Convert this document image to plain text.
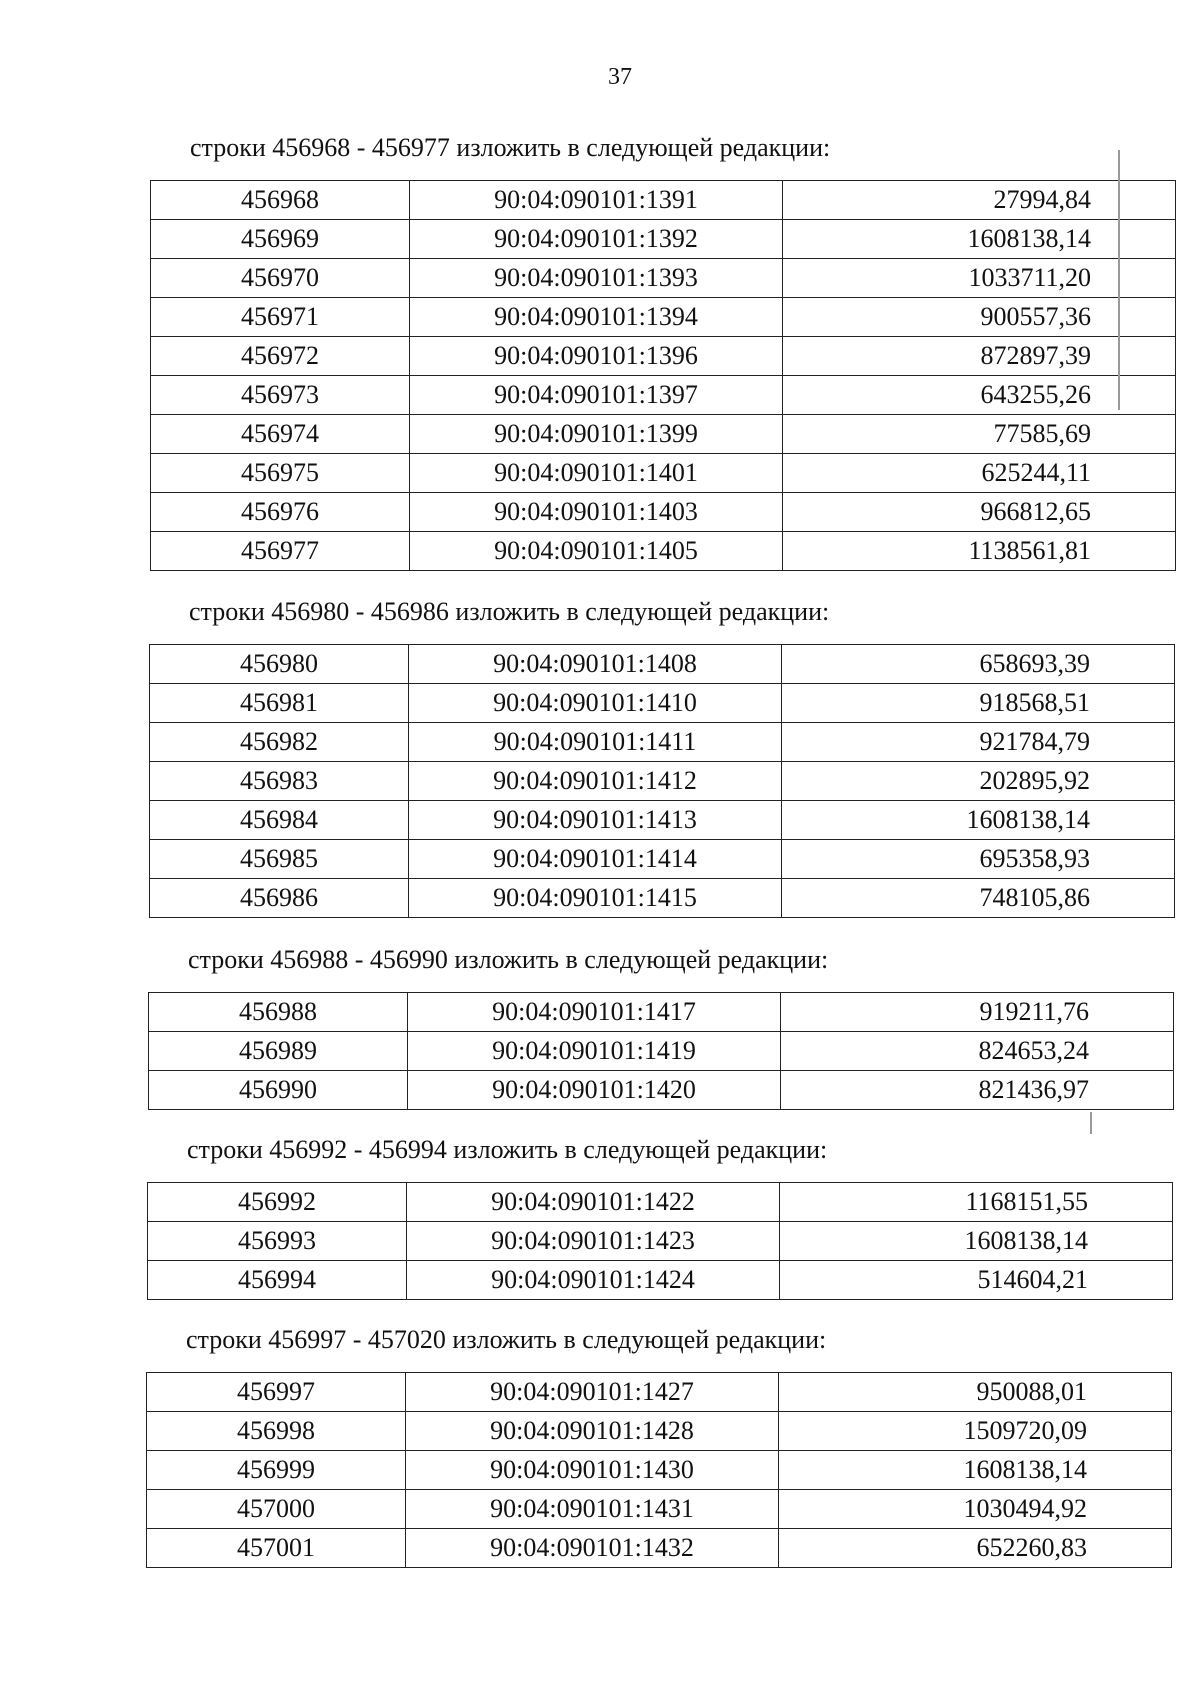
37
строки 456968 - 456977 изложить в следующей редакции:
456968	90:04:090101:1391	27994,84
456969	90:04:090101:1392	1608138,14
456970	90:04:090101:1393	1033711,20
456971	90:04:090101:1394	900557,36
456972	90:04:090101:1396	872897,39
456973	90:04:090101:1397	643255,26
456974	90:04:090101:1399	77585,69
456975	90:04:090101:1401	625244,11
456976	90:04:090101:1403	966812,65
456977	90:04:090101:1405	1138561,81
строки 456980 - 456986 изложить в следующей редакции:
456980	90:04:090101:1408	658693,39
456981	90:04:090101:1410	918568,51
456982	90:04:090101:1411	921784,79
456983	90:04:090101:1412	202895,92
456984	90:04:090101:1413	1608138,14
456985	90:04:090101:1414	695358,93
456986	90:04:090101:1415	748105,86
строки 456988 - 456990 изложить в следующей редакции:
456988	90:04:090101:1417	919211,76
456989	90:04:090101:1419	824653,24
456990	90:04:090101:1420	821436,97
строки 456992 - 456994 изложить в следующей редакции:
456992	90:04:090101:1422	1168151,55
456993	90:04:090101:1423	1608138,14
456994	90:04:090101:1424	514604,21
строки 456997 - 457020 изложить в следующей редакции:
456997	90:04:090101:1427	950088,01
456998	90:04:090101:1428	1509720,09
456999	90:04:090101:1430	1608138,14
457000	90:04:090101:1431	1030494,92
457001	90:04:090101:1432	652260,83
